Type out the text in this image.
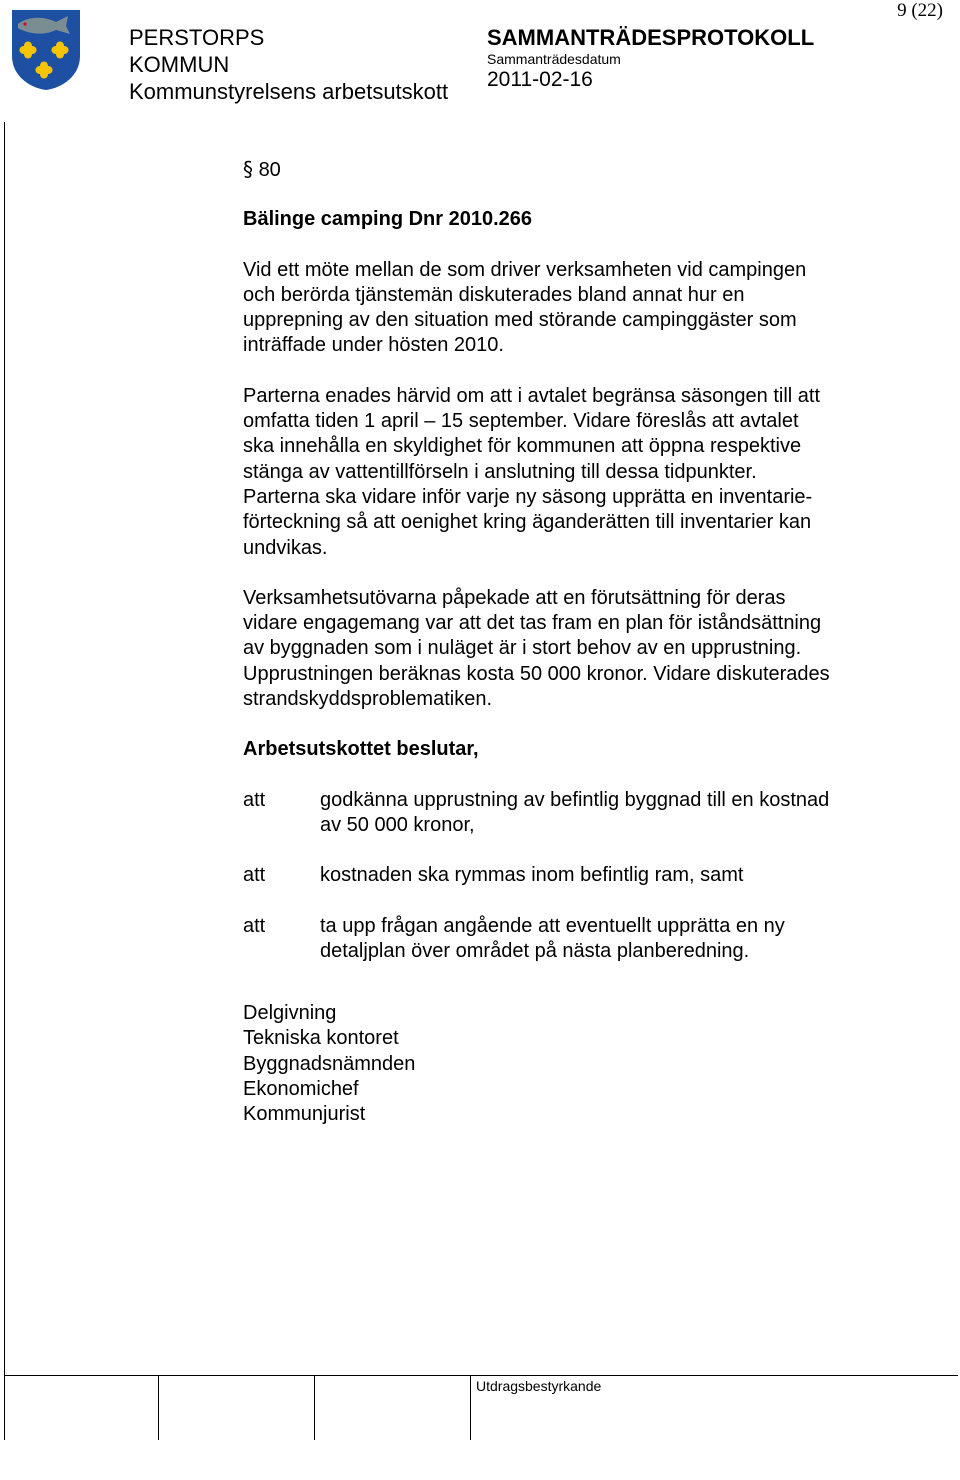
PERSTORPS
KOMMUN
Kommunstyrelsens arbetsutskott
SAMMANTRÄDESPROTOKOLL
Sammanträdesdatum
2011-02-16
9 (22)
§ 80
Bälinge camping Dnr 2010.266

Vid ett möte mellan de som driver verksamheten vid campingen

och berörda tjänstemän diskuterades bland annat hur en

upprepning av den situation med störande campinggäster som

inträffade under hösten 2010.

Parterna enades härvid om att i avtalet begränsa säsongen till att

omfatta tiden 1 april – 15 september. Vidare föreslås att avtalet

ska innehålla en skyldighet för kommunen att öppna respektive

stänga av vattentillförseln i anslutning till dessa tidpunkter.

Parterna ska vidare inför varje ny säsong upprätta en inventarie-

förteckning så att oenighet kring äganderätten till inventarier kan

undvikas.

Verksamhetsutövarna påpekade att en förutsättning för deras

vidare engagemang var att det tas fram en plan för iståndsättning

av byggnaden som i nuläget är i stort behov av en upprustning.

Upprustningen beräknas kosta 50 000 kronor. Vidare diskuterades

strandskyddsproblematiken.

Arbetsutskottet beslutar,
att	godkänna upprustning av befintlig byggnad till en kostnad
av 50 000 kronor,
att	kostnaden ska rymmas inom befintlig ram, samt
att	ta upp frågan angående att eventuellt upprätta en ny
detaljplan över området på nästa planberedning.
Delgivning
Tekniska kontoret
Byggnadsnämnden
Ekonomichef
Kommunjurist
Utdragsbestyrkande
